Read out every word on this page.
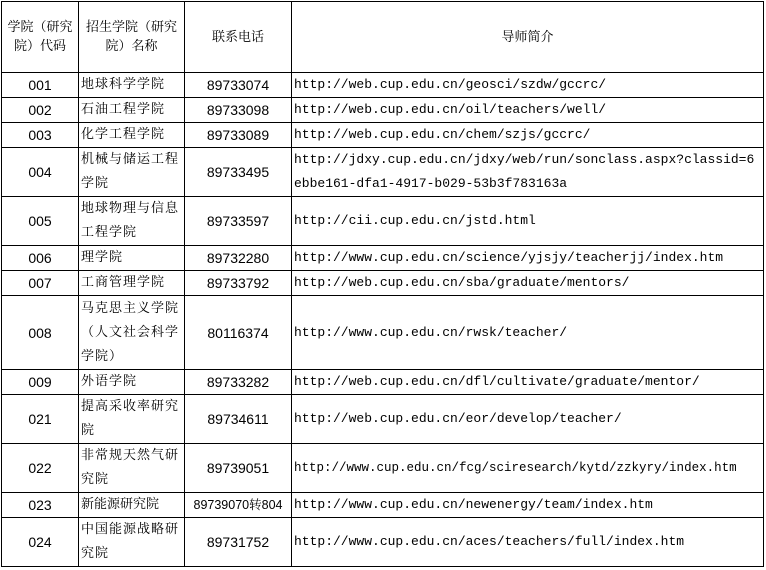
学院（研究院）代码	招生学院（研究院）名称	联系电话	导师简介
001	地球科学学院	89733074	http://web.cup.edu.cn/geosci/szdw/gccrc/
002	石油工程学院	89733098	http://web.cup.edu.cn/oil/teachers/well/
003	化学工程学院	89733089	http://web.cup.edu.cn/chem/szjs/gccrc/
004	机械与储运工程学院	89733495	http://jdxy.cup.edu.cn/jdxy/web/run/sonclass.aspx?classid=6ebbe161-dfa1-4917-b029-53b3f783163a
005	地球物理与信息工程学院	89733597	http://cii.cup.edu.cn/jstd.html
006	理学院	89732280	http://www.cup.edu.cn/science/yjsjy/teacherjj/index.htm
007	工商管理学院	89733792	http://web.cup.edu.cn/sba/graduate/mentors/
008	马克思主义学院（人文社会科学学院）	80116374	http://www.cup.edu.cn/rwsk/teacher/
009	外语学院	89733282	http://web.cup.edu.cn/dfl/cultivate/graduate/mentor/
021	提高采收率研究院	89734611	http://web.cup.edu.cn/eor/develop/teacher/
022	非常规天然气研究院	89739051	http://www.cup.edu.cn/fcg/sciresearch/kytd/zzkyry/index.htm
023	新能源研究院	89739070转804	http://www.cup.edu.cn/newenergy/team/index.htm
024	中国能源战略研究院	89731752	http://www.cup.edu.cn/aces/teachers/full/index.htm
